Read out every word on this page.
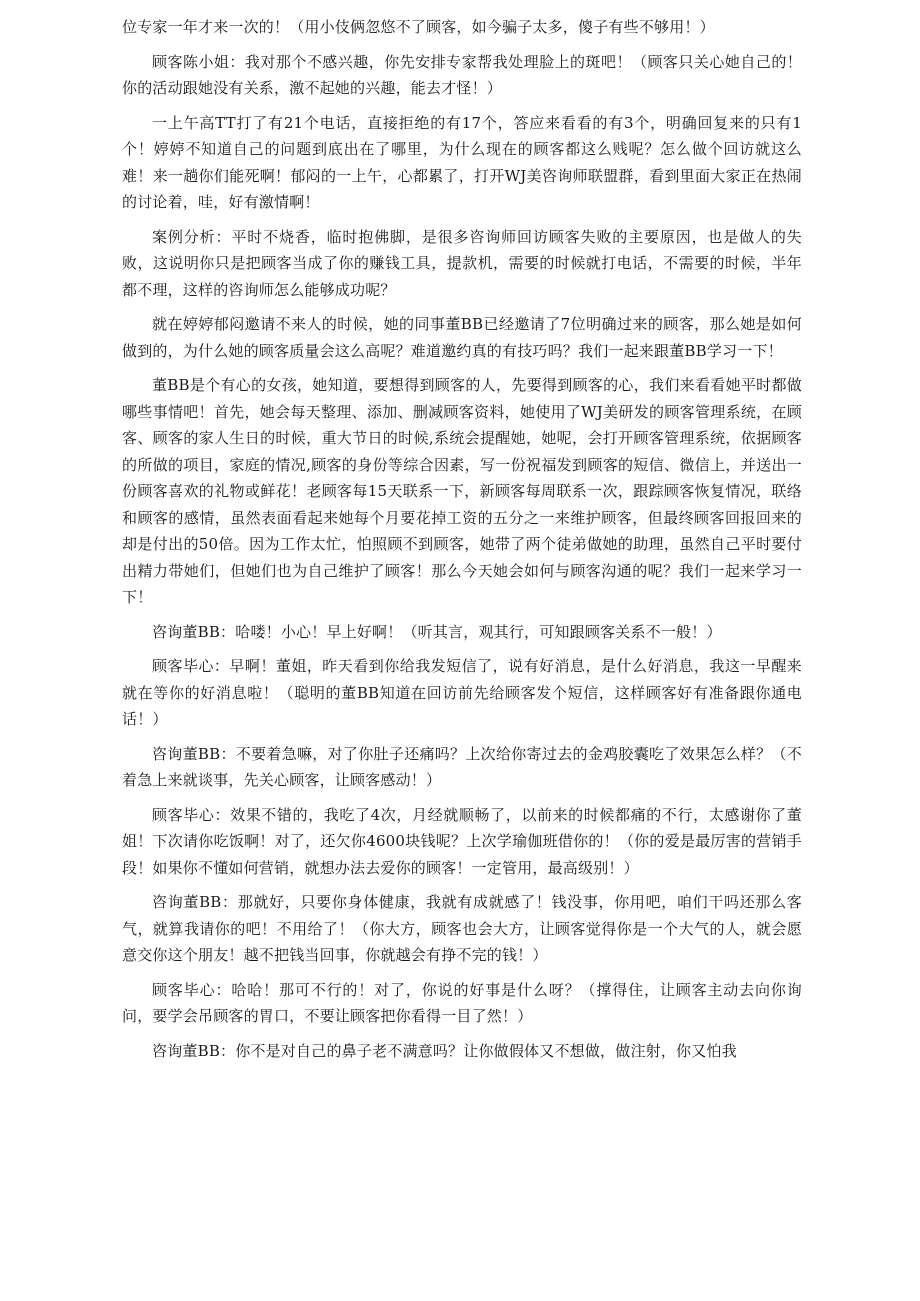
位专家一年才来一次的！（用小伎俩忽悠不了顾客，如今骗子太多，傻子有些不够用！）

顾客陈小姐：我对那个不感兴趣，你先安排专家帮我处理脸上的斑吧！（顾客只关心她自己的！你的活动跟她没有关系，激不起她的兴趣，能去才怪！）

一上午高TT打了有21个电话，直接拒绝的有17个，答应来看看的有3个，明确回复来的只有1个！婷婷不知道自己的问题到底出在了哪里，为什么现在的顾客都这么贱呢？怎么做个回访就这么难！来一趟你们能死啊！郁闷的一上午，心都累了，打开WJ美咨询师联盟群，看到里面大家正在热闹的讨论着，哇，好有激情啊！

案例分析：平时不烧香，临时抱佛脚，是很多咨询师回访顾客失败的主要原因，也是做人的失败，这说明你只是把顾客当成了你的赚钱工具，提款机，需要的时候就打电话，不需要的时候，半年都不理，这样的咨询师怎么能够成功呢？

就在婷婷郁闷邀请不来人的时候，她的同事董BB已经邀请了7位明确过来的顾客，那么她是如何做到的，为什么她的顾客质量会这么高呢？难道邀约真的有技巧吗？我们一起来跟董BB学习一下！

董BB是个有心的女孩，她知道，要想得到顾客的人，先要得到顾客的心，我们来看看她平时都做哪些事情吧！首先，她会每天整理、添加、删减顾客资料，她使用了WJ美研发的顾客管理系统，在顾客、顾客的家人生日的时候，重大节日的时候,系统会提醒她，她呢，会打开顾客管理系统，依据顾客的所做的项目，家庭的情况,顾客的身份等综合因素，写一份祝福发到顾客的短信、微信上，并送出一份顾客喜欢的礼物或鲜花！老顾客每15天联系一下，新顾客每周联系一次，跟踪顾客恢复情况，联络和顾客的感情，虽然表面看起来她每个月要花掉工资的五分之一来维护顾客，但最终顾客回报回来的却是付出的50倍。因为工作太忙，怕照顾不到顾客，她带了两个徒弟做她的助理，虽然自己平时要付出精力带她们，但她们也为自己维护了顾客！那么今天她会如何与顾客沟通的呢？我们一起来学习一下！

咨询董BB：哈喽！小心！早上好啊！（听其言，观其行，可知跟顾客关系不一般！）

顾客毕心：早啊！董姐，昨天看到你给我发短信了，说有好消息，是什么好消息，我这一早醒来就在等你的好消息啦！（聪明的董BB知道在回访前先给顾客发个短信，这样顾客好有准备跟你通电话！）

咨询董BB：不要着急嘛，对了你肚子还痛吗？上次给你寄过去的金鸡胶囊吃了效果怎么样？（不着急上来就谈事，先关心顾客，让顾客感动！）

顾客毕心：效果不错的，我吃了4次，月经就顺畅了，以前来的时候都痛的不行，太感谢你了董姐！下次请你吃饭啊！对了，还欠你4600块钱呢？上次学瑜伽班借你的！（你的爱是最厉害的营销手段！如果你不懂如何营销，就想办法去爱你的顾客！一定管用，最高级别！）

咨询董BB：那就好，只要你身体健康，我就有成就感了！钱没事，你用吧，咱们干吗还那么客气，就算我请你的吧！不用给了！（你大方，顾客也会大方，让顾客觉得你是一个大气的人，就会愿意交你这个朋友！越不把钱当回事，你就越会有挣不完的钱！）

顾客毕心：哈哈！那可不行的！对了，你说的好事是什么呀？（撑得住，让顾客主动去向你询问，要学会吊顾客的胃口，不要让顾客把你看得一目了然！）

咨询董BB：你不是对自己的鼻子老不满意吗？让你做假体又不想做，做注射，你又怕我
